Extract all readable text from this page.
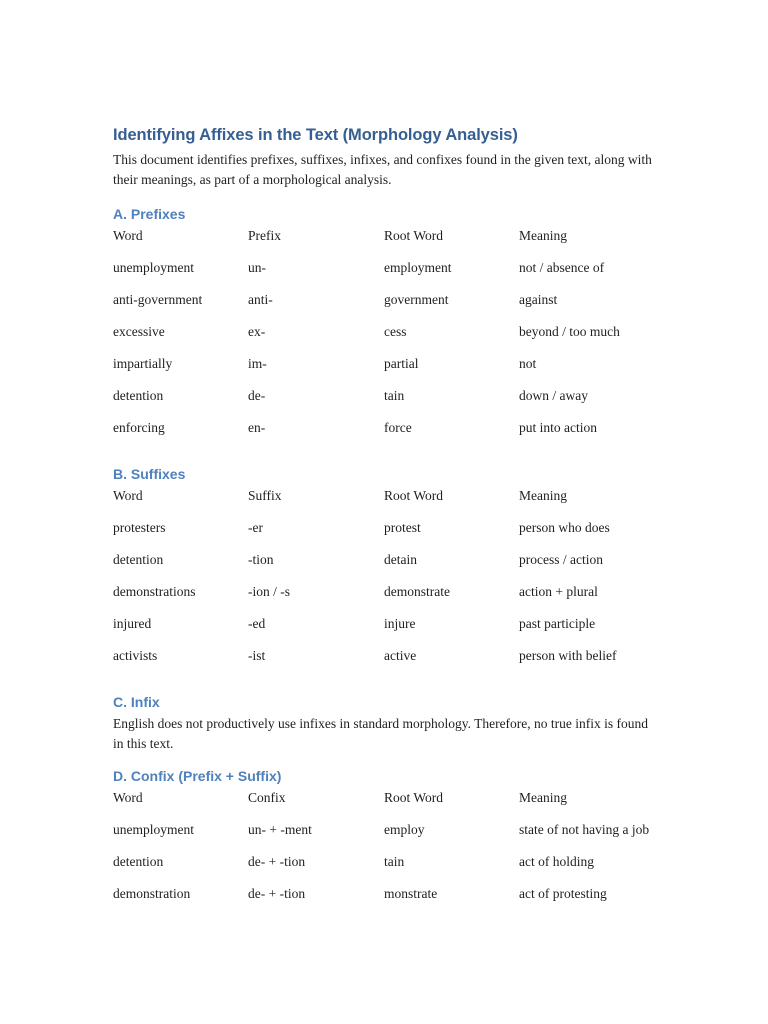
Identifying Affixes in the Text (Morphology Analysis)

This document identifies prefixes, suffixes, infixes, and confixes found in the given text, along with their meanings, as part of a morphological analysis.

A. Prefixes
Word	Prefix	Root Word	Meaning
unemployment	un-	employment	not / absence of
anti-government	anti-	government	against
excessive	ex-	cess	beyond / too much
impartially	im-	partial	not
detention	de-	tain	down / away
enforcing	en-	force	put into action
B. Suffixes
Word	Suffix	Root Word	Meaning
protesters	-er	protest	person who does
detention	-tion	detain	process / action
demonstrations	-ion / -s	demonstrate	action + plural
injured	-ed	injure	past participle
activists	-ist	active	person with belief
C. Infix

English does not productively use infixes in standard morphology. Therefore, no true infix is found in this text.

D. Confix (Prefix + Suffix)
Word	Confix	Root Word	Meaning
unemployment	un- + -ment	employ	state of not having a job
detention	de- + -tion	tain	act of holding
demonstration	de- + -tion	monstrate	act of protesting
